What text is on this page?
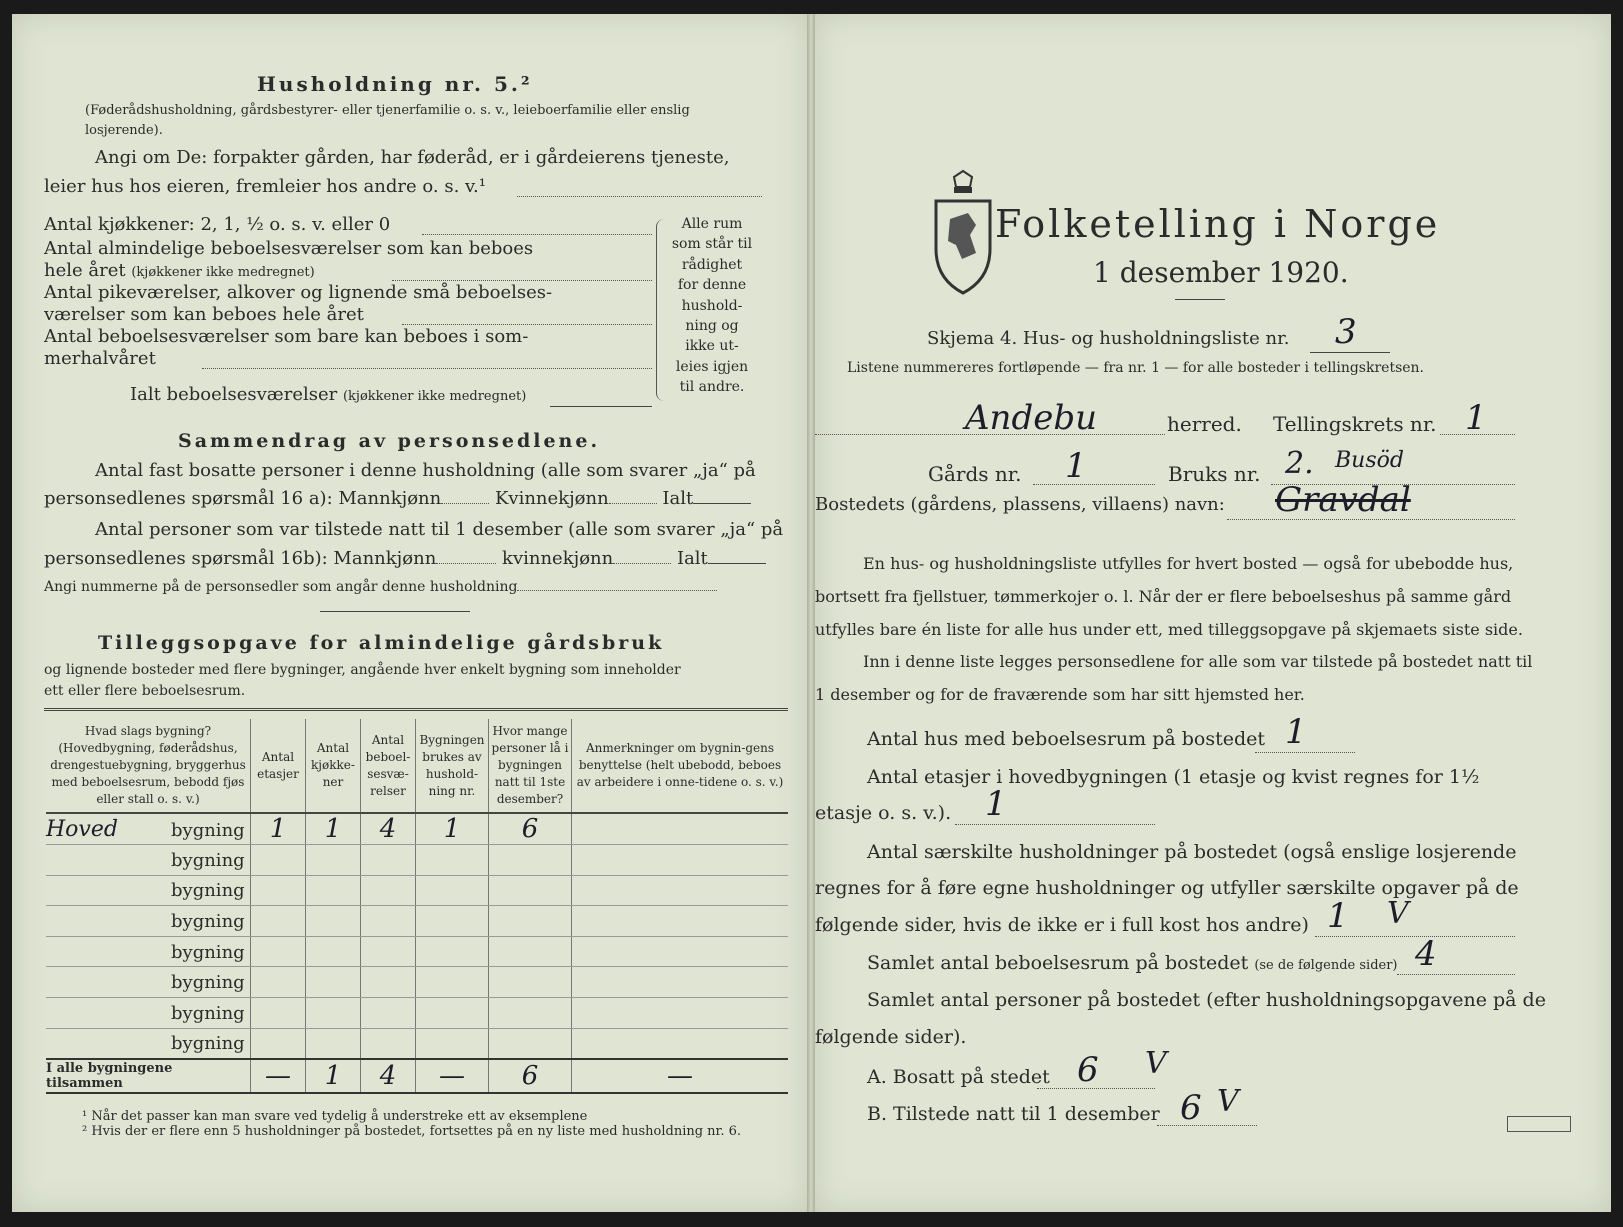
Husholdning nr. 5.²
(Føderådshusholdning, gårdsbestyrer- eller tjenerfamilie o. s. v., leieboerfamilie eller enslig losjerende).
Angi om De: forpakter gården, har føderåd, er i gårdeierens tjeneste,
leier hus hos eieren, fremleier hos andre o. s. v.¹
Antal kjøkkener: 2, 1, ½ o. s. v. eller 0
Antal almindelige beboelsesværelser som kan beboes
hele året (kjøkkener ikke medregnet)
Antal pikeværelser, alkover og lignende små beboelses-
værelser som kan beboes hele året
Antal beboelsesværelser som bare kan beboes i som-
merhalvåret
Ialt beboelsesværelser (kjøkkener ikke medregnet)
Alle rum
som står til
rådighet
for denne
hushold-
ning og
ikke ut-
leies igjen
til andre.
Sammendrag av personsedlene.
Antal fast bosatte personer i denne husholdning (alle som svarer „ja“ på
personsedlenes spørsmål 16 a): Mannkjønn	Kvinnekjønn	Ialt
Antal personer som var tilstede natt til 1 desember (alle som svarer „ja“ på
personsedlenes spørsmål 16b): Mannkjønn	kvinnekjønn	Ialt
Angi nummerne på de personsedler som angår denne husholdning
Tilleggsopgave for almindelige gårdsbruk
og lignende bosteder med flere bygninger, angående hver enkelt bygning som inneholder
ett eller flere beboelsesrum.
Hvad slags bygning? (Hovedbygning, føderådshus, drengestuebygning, bryggerhus med beboelsesrum, bebodd fjøs eller stall o. s. v.)	Antal etasjer	Antal kjøkke-ner	Antal beboel-sesvæ-relser	Bygningen brukes av hushold-ning nr.	Hvor mange personer lå i bygningen natt til 1ste desember?	Anmerkninger om bygnin-gens benyttelse (helt ubebodd, beboes av arbeidere i onne-tidene o. s. v.)
Hoved bygning	1	1	4	1	6	
bygning						
bygning						
bygning						
bygning						
bygning						
bygning						
bygning						
I alle bygningene tilsammen	—	1	4	—	6	—
¹ Når det passer kan man svare ved tydelig å understreke ett av eksemplene
² Hvis der er flere enn 5 husholdninger på bostedet, fortsettes på en ny liste med husholdning nr. 6.
Folketelling i Norge
1 desember 1920.
Skjema 4. Hus- og husholdningsliste nr. 3
Listene nummereres fortløpende — fra nr. 1 — for alle bosteder i tellingskretsen.
Andebu	herred. Tellingskrets nr. 1
Gårds nr. 1	Bruks nr. 2. Busöd
Bostedets (gårdens, plassens, villaens) navn: Gravdal
En hus- og husholdningsliste utfylles for hvert bosted — også for ubebodde hus,
bortsett fra fjellstuer, tømmerkojer o. l. Når der er flere beboelseshus på samme gård
utfylles bare én liste for alle hus under ett, med tilleggsopgave på skjemaets siste side.
Inn i denne liste legges personsedlene for alle som var tilstede på bostedet natt til
1 desember og for de fraværende som har sitt hjemsted her.
Antal hus med beboelsesrum på bostedet 1
Antal etasjer i hovedbygningen (1 etasje og kvist regnes for 1½
etasje o. s. v.). 1
Antal særskilte husholdninger på bostedet (også enslige losjerende
regnes for å føre egne husholdninger og utfyller særskilte opgaver på de
følgende sider, hvis de ikke er i full kost hos andre) 1 V
Samlet antal beboelsesrum på bostedet (se de følgende sider) 4
Samlet antal personer på bostedet (efter husholdningsopgavene på de
følgende sider).
A. Bosatt på stedet 6 V
B. Tilstede natt til 1 desember 6 V
